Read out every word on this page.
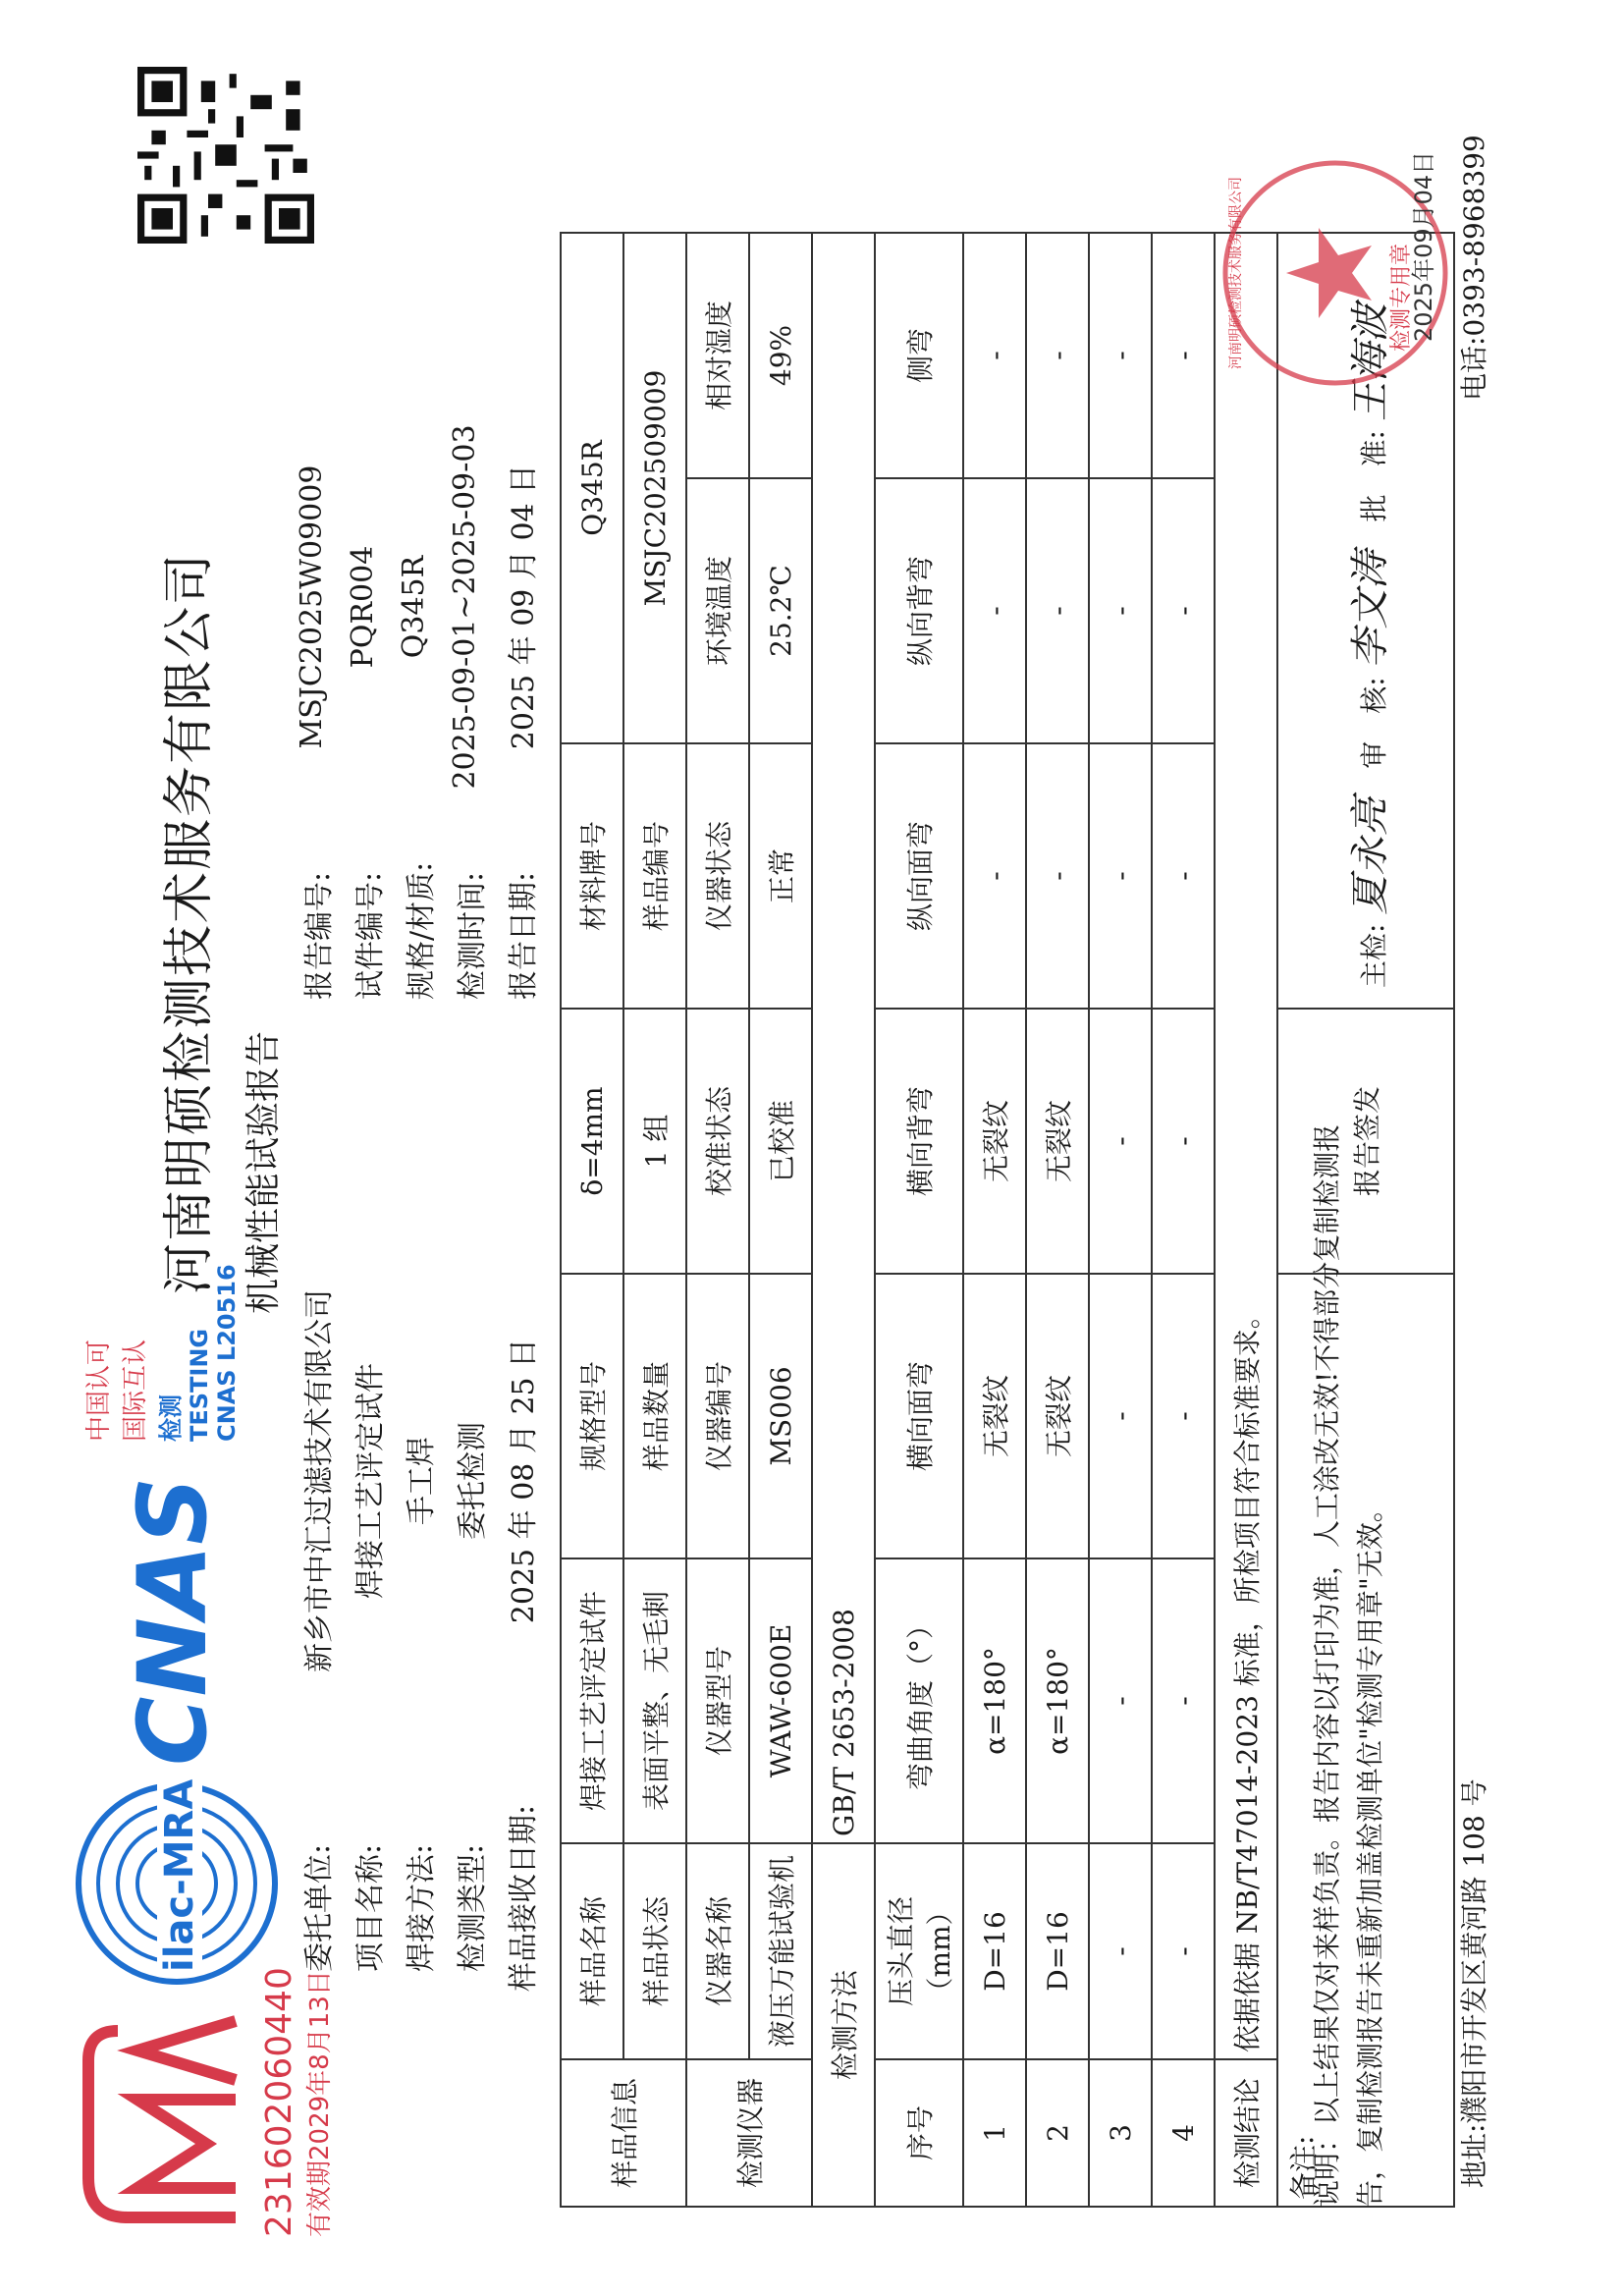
231602060440 有效期2029年8月13日
ilac-MRA
CNAS
中国认可 国际互认 检测 TESTING CNAS L20516
河南明硕检测技术服务有限公司 机械性能试验报告
委托单位:
新乡市中汇过滤技术有限公司
项目名称:
焊接工艺评定试件
焊接方法:
手工焊
检测类型:
委托检测
样品接收日期:
2025 年 08 月 25 日
报告编号:
MSJC2025W09009
试件编号:
PQR004
规格/材质:
Q345R
检测时间:
2025-09-01~2025-09-03
报告日期:
2025 年 09 月 04 日
样品信息	样品名称	焊接工艺评定试件	规格型号	δ=4mm	材料牌号	Q345R	
	样品状态	表面平整、无毛刺	样品数量	1 组	样品编号	MSJC202509009	
检测仪器	仪器名称	仪器型号	仪器编号	校准状态	仪器状态	环境温度	相对湿度
	液压万能试验机	WAW-600E	MS006	已校准	正常	25.2℃	49%
检测方法		GB/T 2653-2008					
序号	压头直径（mm）	弯曲角度（°）	横向面弯	横向背弯	纵向面弯	纵向背弯	侧弯
1	D=16	α=180°	无裂纹	无裂纹	-	-	-
2	D=16	α=180°	无裂纹	无裂纹	-	-	-
3	-	-	-	-	-	-	-
4	-	-	-	-	-	-	-
检测结论	依据依据 NB/T47014-2023 标准，所检项目符合标准要求。						
备注:				报告签发	主检: 夏永亮 审　核: 李文涛 批　准: 王海波		
检测专用章
2025年09月04日
河南明硕检测技术服务有限公司
说明：以上结果仅对来样负责。报告内容以打印为准，人工涂改无效!不得部分复制检测报 告，复制检测报告未重新加盖检测单位"检测专用章"无效。	地址:濮阳市开发区黄河路 108 号
电话:0393-8968399
